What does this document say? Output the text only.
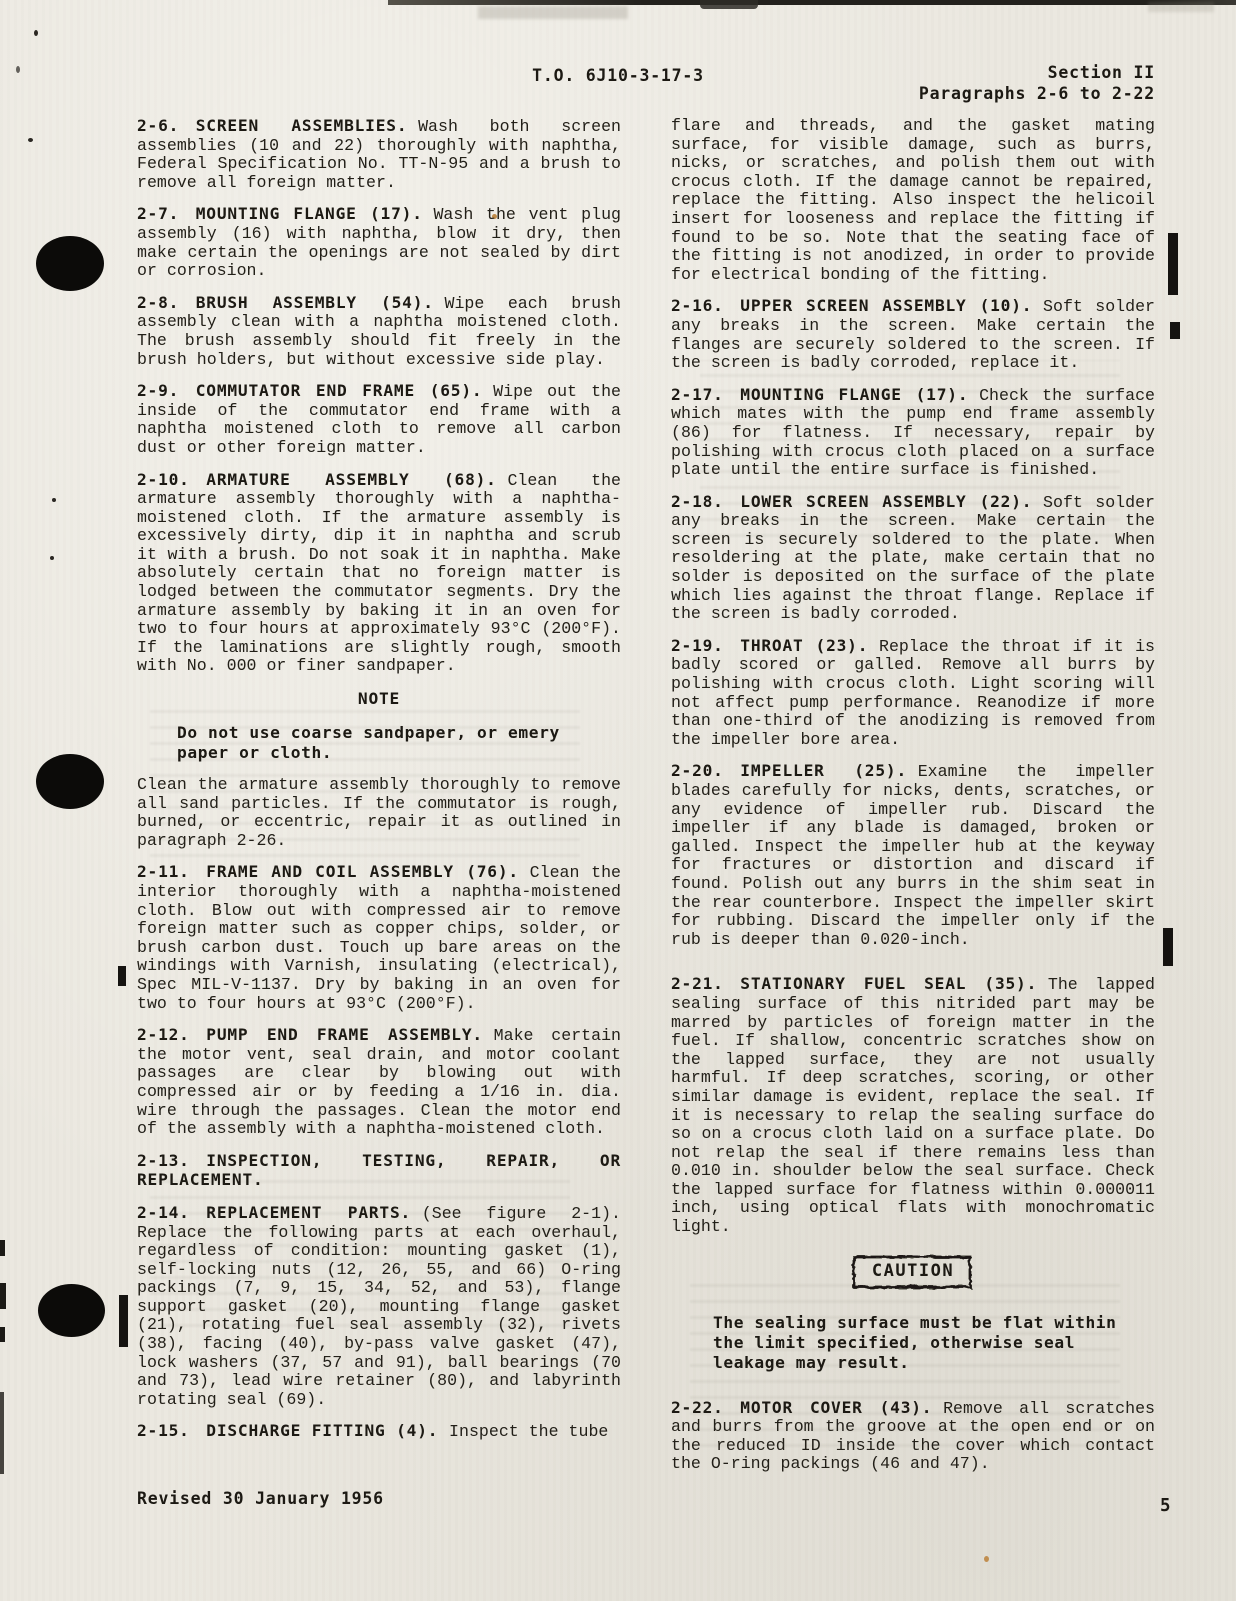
T.O. 6J10-3-17-3	Section II
Paragraphs 2-6 to 2-22

2-6. SCREEN ASSEMBLIES. Wash both screen assemblies (10 and 22) thoroughly with naphtha, Federal Specification No. TT-N-95 and a brush to remove all foreign matter.

2-7. MOUNTING FLANGE (17). Wash the vent plug assembly (16) with naphtha, blow it dry, then make certain the openings are not sealed by dirt or corrosion.

2-8. BRUSH ASSEMBLY (54). Wipe each brush assembly clean with a naphtha moistened cloth. The brush assembly should fit freely in the brush holders, but without excessive side play.

2-9. COMMUTATOR END FRAME (65). Wipe out the inside of the commutator end frame with a naphtha moistened cloth to remove all carbon dust or other foreign matter.

2-10. ARMATURE ASSEMBLY (68). Clean the armature assembly thoroughly with a naphtha-moistened cloth. If the armature assembly is excessively dirty, dip it in naphtha and scrub it with a brush. Do not soak it in naphtha. Make absolutely certain that no foreign matter is lodged between the commutator segments. Dry the armature assembly by baking it in an oven for two to four hours at approximately 93°C (200°F). If the laminations are slightly rough, smooth with No. 000 or finer sandpaper.

NOTE
Do not use coarse sandpaper, or emery paper or cloth.

Clean the armature assembly thoroughly to remove all sand particles. If the commutator is rough, burned, or eccentric, repair it as outlined in paragraph 2-26.

2-11. FRAME AND COIL ASSEMBLY (76). Clean the interior thoroughly with a naphtha-moistened cloth. Blow out with compressed air to remove foreign matter such as copper chips, solder, or brush carbon dust. Touch up bare areas on the windings with Varnish, insulating (electrical), Spec MIL-V-1137. Dry by baking in an oven for two to four hours at 93°C (200°F).

2-12. PUMP END FRAME ASSEMBLY. Make certain the motor vent, seal drain, and motor coolant passages are clear by blowing out with compressed air or by feeding a 1/16 in. dia. wire through the passages. Clean the motor end of the assembly with a naphtha-moistened cloth.

2-13. INSPECTION, TESTING, REPAIR, OR REPLACEMENT.

2-14. REPLACEMENT PARTS. (See figure 2-1). Replace the following parts at each overhaul, regardless of condition: mounting gasket (1), self-locking nuts (12, 26, 55, and 66) O-ring packings (7, 9, 15, 34, 52, and 53), flange support gasket (20), mounting flange gasket (21), rotating fuel seal assembly (32), rivets (38), facing (40), by-pass valve gasket (47), lock washers (37, 57 and 91), ball bearings (70 and 73), lead wire retainer (80), and labyrinth rotating seal (69).

2-15. DISCHARGE FITTING (4). Inspect the tube

flare and threads, and the gasket mating surface, for visible damage, such as burrs, nicks, or scratches, and polish them out with crocus cloth. If the damage cannot be repaired, replace the fitting. Also inspect the helicoil insert for looseness and replace the fitting if found to be so. Note that the seating face of the fitting is not anodized, in order to provide for electrical bonding of the fitting.

2-16. UPPER SCREEN ASSEMBLY (10). Soft solder any breaks in the screen. Make certain the flanges are securely soldered to the screen. If the screen is badly corroded, replace it.

2-17. MOUNTING FLANGE (17). Check the surface which mates with the pump end frame assembly (86) for flatness. If necessary, repair by polishing with crocus cloth placed on a surface plate until the entire surface is finished.

2-18. LOWER SCREEN ASSEMBLY (22). Soft solder any breaks in the screen. Make certain the screen is securely soldered to the plate. When resoldering at the plate, make certain that no solder is deposited on the surface of the plate which lies against the throat flange. Replace if the screen is badly corroded.

2-19. THROAT (23). Replace the throat if it is badly scored or galled. Remove all burrs by polishing with crocus cloth. Light scoring will not affect pump performance. Reanodize if more than one-third of the anodizing is removed from the impeller bore area.

2-20. IMPELLER (25). Examine the impeller blades carefully for nicks, dents, scratches, or any evidence of impeller rub. Discard the impeller if any blade is damaged, broken or galled. Inspect the impeller hub at the keyway for fractures or distortion and discard if found. Polish out any burrs in the shim seat in the rear counterbore. Inspect the impeller skirt for rubbing. Discard the impeller only if the rub is deeper than 0.020-inch.

2-21. STATIONARY FUEL SEAL (35). The lapped sealing surface of this nitrided part may be marred by particles of foreign matter in the fuel. If shallow, concentric scratches show on the lapped surface, they are not usually harmful. If deep scratches, scoring, or other similar damage is evident, replace the seal. If it is necessary to relap the sealing surface do so on a crocus cloth laid on a surface plate. Do not relap the seal if there remains less than 0.010 in. shoulder below the seal surface. Check the lapped surface for flatness within 0.000011 inch, using optical flats with monochromatic light.

CAUTION
The sealing surface must be flat within the limit specified, otherwise seal leakage may result.

2-22. MOTOR COVER (43). Remove all scratches and burrs from the groove at the open end or on the reduced ID inside the cover which contact the O-ring packings (46 and 47).

Revised 30 January 1956	5
